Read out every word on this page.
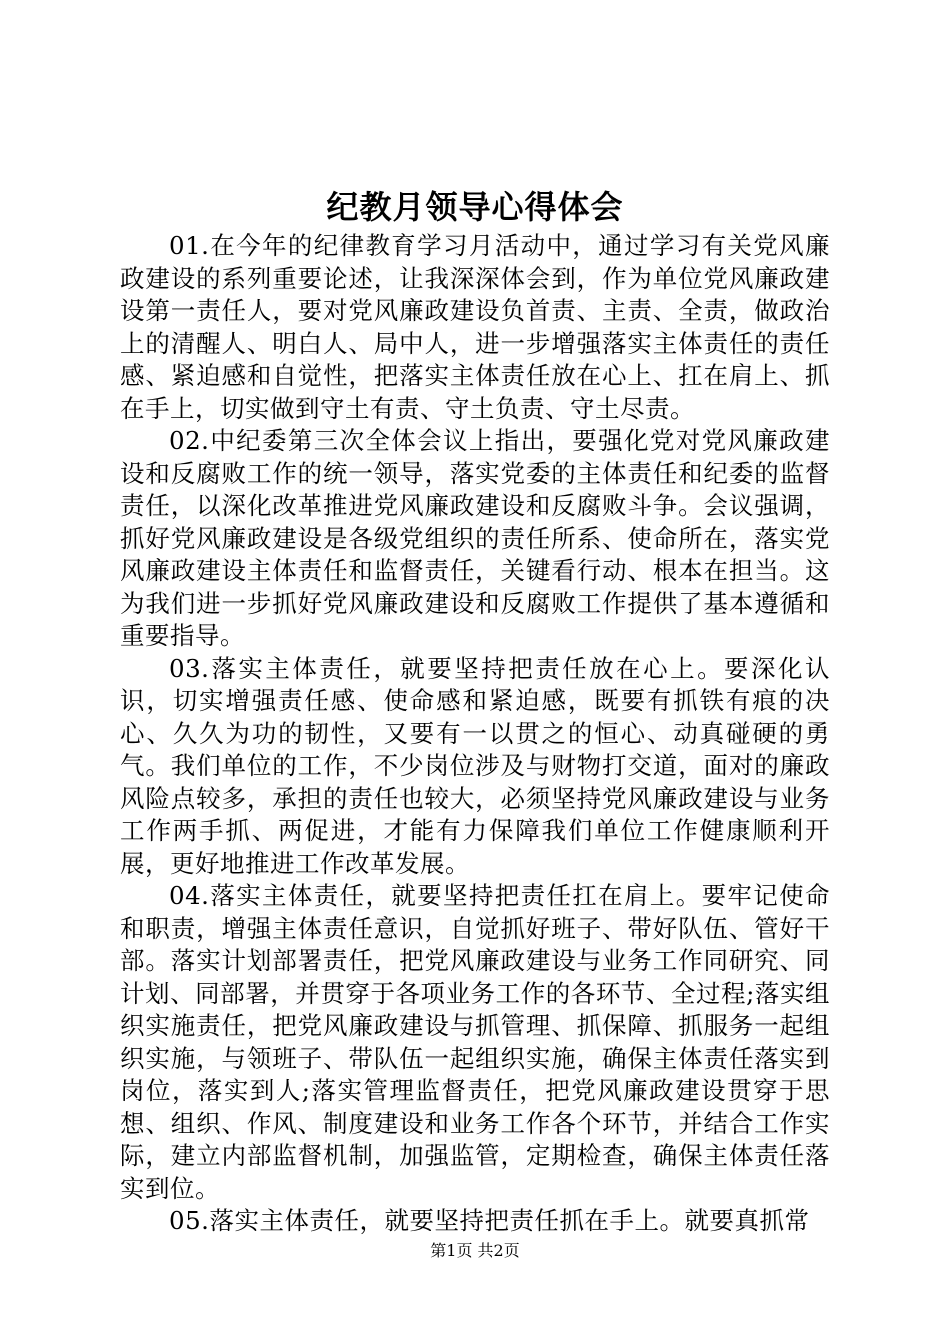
纪教月领导心得体会

01.在今年的纪律教育学习月活动中，通过学习有关党风廉政建设的系列重要论述，让我深深体会到，作为单位党风廉政建设第一责任人，要对党风廉政建设负首责、主责、全责，做政治上的清醒人、明白人、局中人，进一步增强落实主体责任的责任感、紧迫感和自觉性，把落实主体责任放在心上、扛在肩上、抓在手上，切实做到守土有责、守土负责、守土尽责。

02.中纪委第三次全体会议上指出，要强化党对党风廉政建设和反腐败工作的统一领导，落实党委的主体责任和纪委的监督责任，以深化改革推进党风廉政建设和反腐败斗争。会议强调，抓好党风廉政建设是各级党组织的责任所系、使命所在，落实党风廉政建设主体责任和监督责任，关键看行动、根本在担当。这为我们进一步抓好党风廉政建设和反腐败工作提供了基本遵循和重要指导。

03.落实主体责任，就要坚持把责任放在心上。要深化认识，切实增强责任感、使命感和紧迫感，既要有抓铁有痕的决心、久久为功的韧性，又要有一以贯之的恒心、动真碰硬的勇气。我们单位的工作，不少岗位涉及与财物打交道，面对的廉政风险点较多，承担的责任也较大，必须坚持党风廉政建设与业务工作两手抓、两促进，才能有力保障我们单位工作健康顺利开展，更好地推进工作改革发展。

04.落实主体责任，就要坚持把责任扛在肩上。要牢记使命和职责，增强主体责任意识，自觉抓好班子、带好队伍、管好干部。落实计划部署责任，把党风廉政建设与业务工作同研究、同计划、同部署，并贯穿于各项业务工作的各环节、全过程;落实组织实施责任，把党风廉政建设与抓管理、抓保障、抓服务一起组织实施，与领班子、带队伍一起组织实施，确保主体责任落实到岗位，落实到人;落实管理监督责任，把党风廉政建设贯穿于思想、组织、作风、制度建设和业务工作各个环节，并结合工作实际，建立内部监督机制，加强监管，定期检查，确保主体责任落实到位。

05.落实主体责任，就要坚持把责任抓在手上。就要真抓常

第1页 共2页
